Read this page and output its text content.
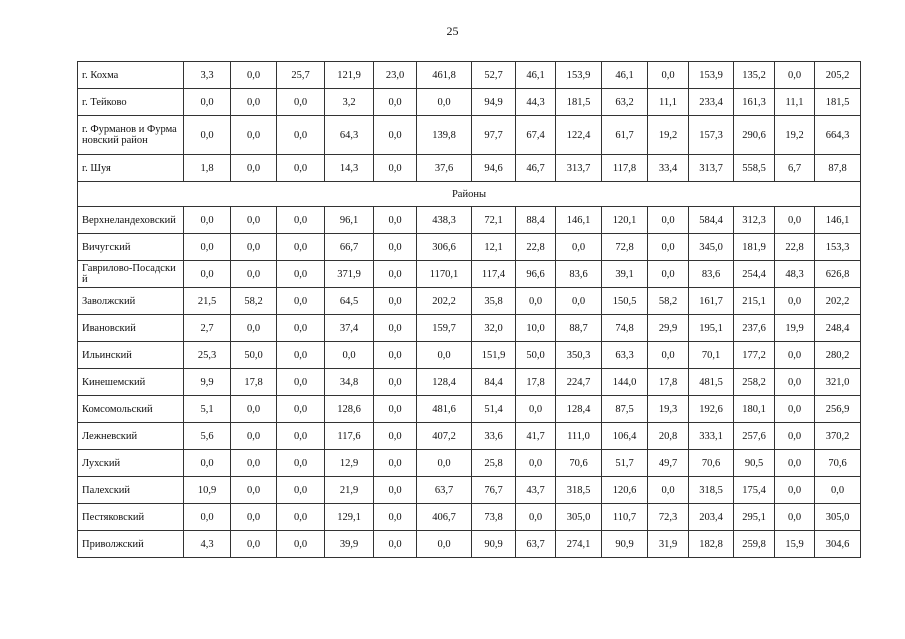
25
г. Кохма	3,3	0,0	25,7	121,9	23,0	461,8	52,7	46,1	153,9	46,1	0,0	153,9	135,2	0,0	205,2
г. Тейково	0,0	0,0	0,0	3,2	0,0	0,0	94,9	44,3	181,5	63,2	11,1	233,4	161,3	11,1	181,5
г. Фурманов и Фурмановский район	0,0	0,0	0,0	64,3	0,0	139,8	97,7	67,4	122,4	61,7	19,2	157,3	290,6	19,2	664,3
г. Шуя	1,8	0,0	0,0	14,3	0,0	37,6	94,6	46,7	313,7	117,8	33,4	313,7	558,5	6,7	87,8
Районы															
Верхнеландеховский	0,0	0,0	0,0	96,1	0,0	438,3	72,1	88,4	146,1	120,1	0,0	584,4	312,3	0,0	146,1
Вичугский	0,0	0,0	0,0	66,7	0,0	306,6	12,1	22,8	0,0	72,8	0,0	345,0	181,9	22,8	153,3
Гаврилово-Посадский	0,0	0,0	0,0	371,9	0,0	1170,1	117,4	96,6	83,6	39,1	0,0	83,6	254,4	48,3	626,8
Заволжский	21,5	58,2	0,0	64,5	0,0	202,2	35,8	0,0	0,0	150,5	58,2	161,7	215,1	0,0	202,2
Ивановский	2,7	0,0	0,0	37,4	0,0	159,7	32,0	10,0	88,7	74,8	29,9	195,1	237,6	19,9	248,4
Ильинский	25,3	50,0	0,0	0,0	0,0	0,0	151,9	50,0	350,3	63,3	0,0	70,1	177,2	0,0	280,2
Кинешемский	9,9	17,8	0,0	34,8	0,0	128,4	84,4	17,8	224,7	144,0	17,8	481,5	258,2	0,0	321,0
Комсомольский	5,1	0,0	0,0	128,6	0,0	481,6	51,4	0,0	128,4	87,5	19,3	192,6	180,1	0,0	256,9
Лежневский	5,6	0,0	0,0	117,6	0,0	407,2	33,6	41,7	111,0	106,4	20,8	333,1	257,6	0,0	370,2
Лухский	0,0	0,0	0,0	12,9	0,0	0,0	25,8	0,0	70,6	51,7	49,7	70,6	90,5	0,0	70,6
Палехский	10,9	0,0	0,0	21,9	0,0	63,7	76,7	43,7	318,5	120,6	0,0	318,5	175,4	0,0	0,0
Пестяковский	0,0	0,0	0,0	129,1	0,0	406,7	73,8	0,0	305,0	110,7	72,3	203,4	295,1	0,0	305,0
Приволжский	4,3	0,0	0,0	39,9	0,0	0,0	90,9	63,7	274,1	90,9	31,9	182,8	259,8	15,9	304,6
